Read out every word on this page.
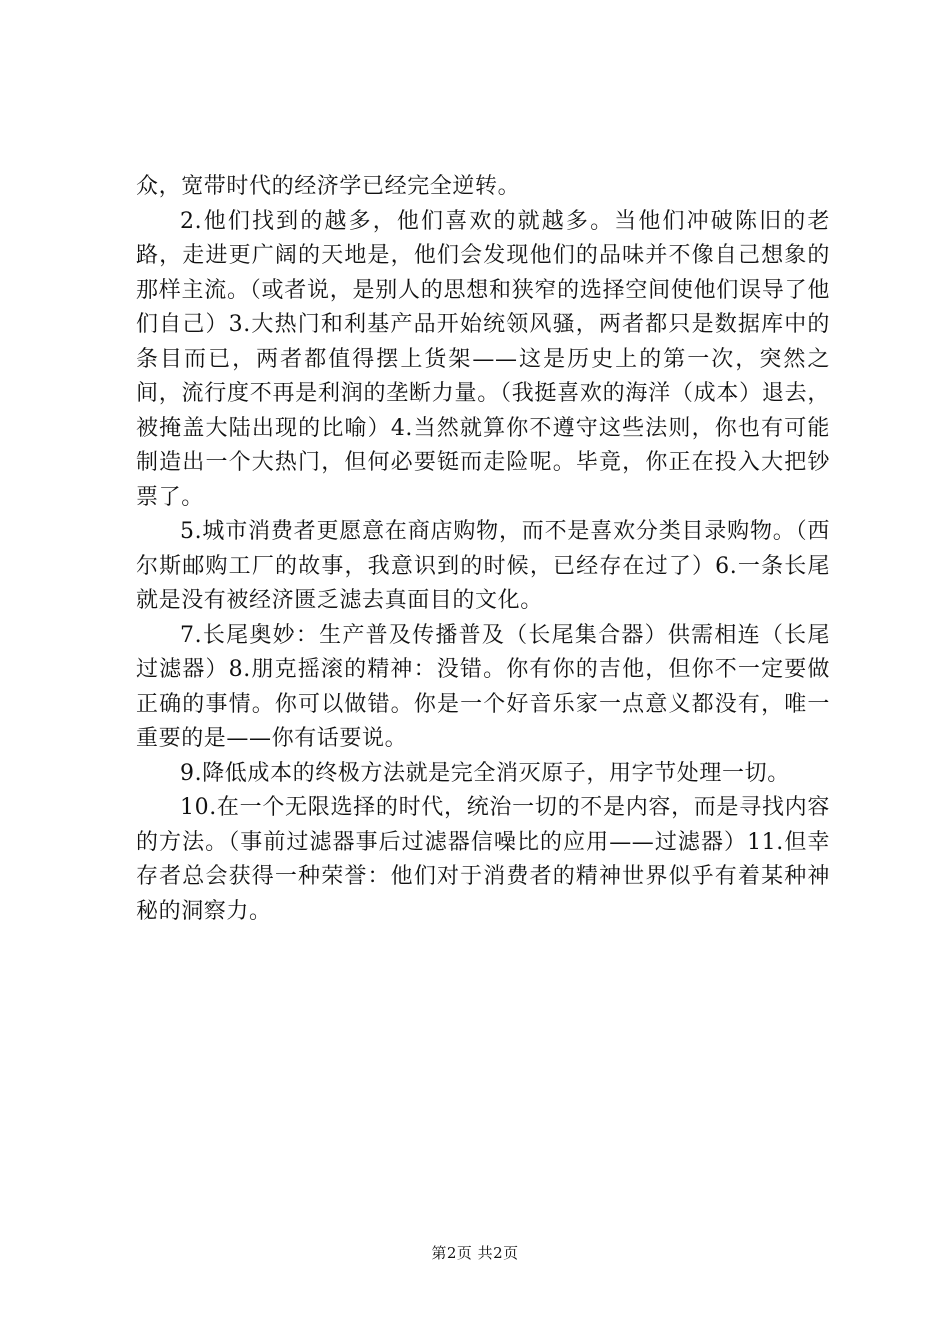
众，宽带时代的经济学已经完全逆转。

2.他们找到的越多，他们喜欢的就越多。当他们冲破陈旧的老路，走进更广阔的天地是，他们会发现他们的品味并不像自己想象的那样主流。（或者说，是别人的思想和狭窄的选择空间使他们误导了他们自己）3.大热门和利基产品开始统领风骚，两者都只是数据库中的条目而已，两者都值得摆上货架——这是历史上的第一次，突然之间，流行度不再是利润的垄断力量。（我挺喜欢的海洋（成本）退去，被掩盖大陆出现的比喻）4.当然就算你不遵守这些法则，你也有可能制造出一个大热门，但何必要铤而走险呢。毕竟，你正在投入大把钞票了。

5.城市消费者更愿意在商店购物，而不是喜欢分类目录购物。（西尔斯邮购工厂的故事，我意识到的时候，已经存在过了）6.一条长尾就是没有被经济匮乏滤去真面目的文化。

7.长尾奥妙：生产普及传播普及（长尾集合器）供需相连（长尾过滤器）8.朋克摇滚的精神：没错。你有你的吉他，但你不一定要做正确的事情。你可以做错。你是一个好音乐家一点意义都没有，唯一重要的是——你有话要说。

9.降低成本的终极方法就是完全消灭原子，用字节处理一切。

10.在一个无限选择的时代，统治一切的不是内容，而是寻找内容的方法。（事前过滤器事后过滤器信噪比的应用——过滤器）11.但幸存者总会获得一种荣誉：他们对于消费者的精神世界似乎有着某种神秘的洞察力。

第2页 共2页
